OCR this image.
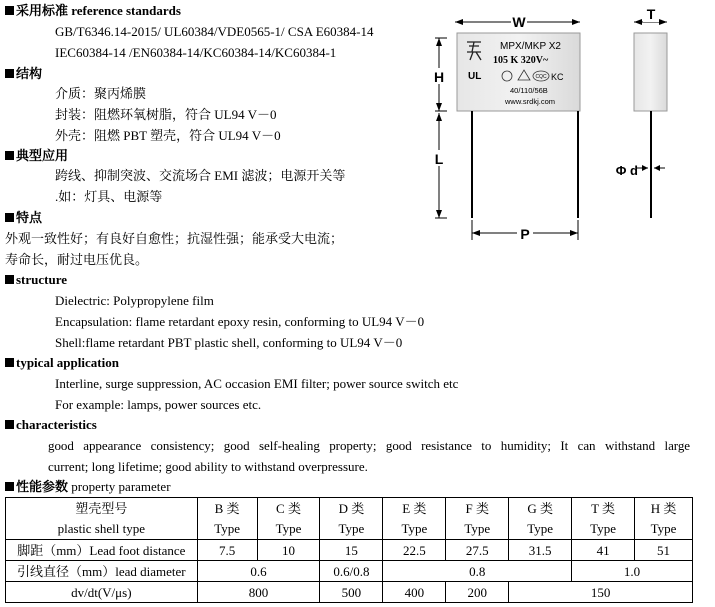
采用标准 reference standards
GB/T6346.14-2015/ UL60384/VDE0565-1/ CSA E60384-14
IEC60384-14 /EN60384-14/KC60384-14/KC60384-1
结构
介质：聚丙烯膜
封装：阻燃环氧树脂，符合 UL94 V－0
外壳：阻燃 PBT 塑壳，符合 UL94 V－0
典型应用
跨线、抑制突波、交流场合 EMI 滤波；电源开关等
.如：灯具、电源等
特点
外观一致性好；有良好自愈性；抗湿性强；能承受大电流；
寿命长，耐过电压优良。
structure
Dielectric: Polypropylene film
Encapsulation: flame retardant epoxy resin, conforming to UL94 V－0
Shell:flame retardant PBT plastic shell, conforming to UL94 V－0
typical application
Interline, surge suppression, AC occasion EMI filter; power source switch etc
For example: lamps, power sources etc.
characteristics
good appearance consistency; good self-healing property; good resistance to humidity; It can withstand large
current; long lifetime; good ability to withstand overpressure.
性能参数 property parameter
W
MPX/MKP X2
105 K 320V~
UL	CQC KC
40/110/56B
www.srdkj.com
H
L
P
T
Φ d
塑壳型号	B 类	C 类	D 类	E 类	F 类	G 类	T 类	H 类
plastic shell type	Type	Type	Type	Type	Type	Type	Type	Type
脚距（mm）Lead foot distance	7.5	10	15	22.5	27.5	31.5	41	51
引线直径（mm）lead diameter	0.6		0.6/0.8	0.8			1.0	
dv/dt(V/μs)	800		500	400	200	150		
